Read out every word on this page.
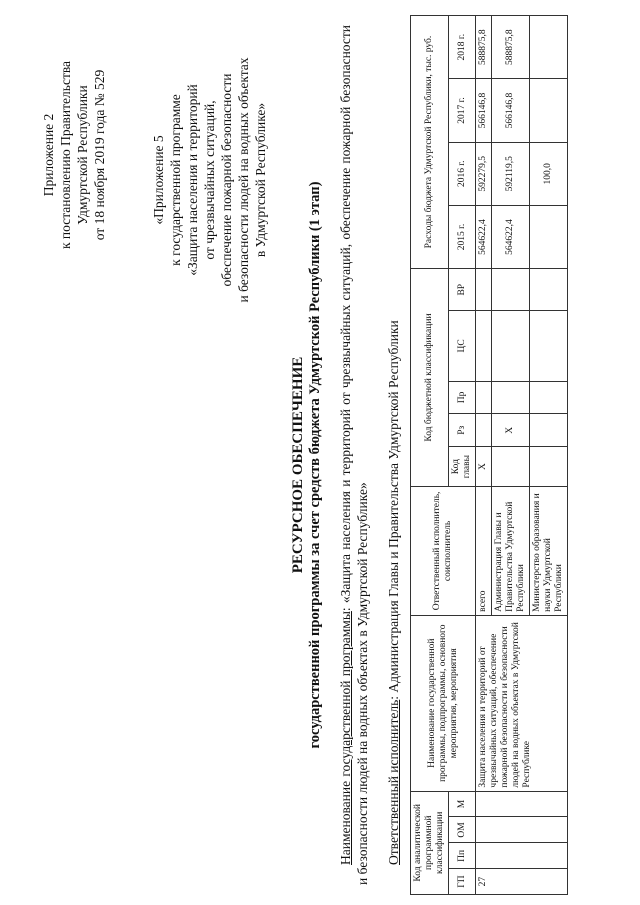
Приложение 2 к постановлению Правительства Удмуртской Республики от 18 ноября 2019 года № 529	«Приложение 5 к государственной программе «Защита населения и территорий от чрезвычайных ситуаций, обеспечение пожарной безопасности и безопасности людей на водных объектах в Удмуртской Республике»
РЕСУРСНОЕ ОБЕСПЕЧЕНИЕ государственной программы за счет средств бюджета Удмуртской Республики (1 этап) Наименование государственной программы: «Защита населения и территорий от чрезвычайных ситуаций, обеспечение пожарной безопасности и безопасности людей на водных объектах в Удмуртской Республике» Ответственный исполнитель: Администрация Главы и Правительства Удмуртской Республики
Код аналитической программной классификации				Наименование государственной программы, подпрограммы, основного мероприятия, мероприятия	Ответственный исполнитель, соисполнитель	Код бюджетной классификации					Расходы бюджета Удмуртской Республики, тыс. руб.			
ГП	Пп	ОМ	М			Код главы	Рз	Пр	ЦС	ВР	2015 г.	2016 г.	2017 г.	2018 г.
27				Защита населения и территорий от чрезвычайных ситуаций, обеспечение пожарной безопасности и безопасности людей на водных объектах в Удмуртской Республике	всего	Х					564622,4	592279,5	566146,8	588875,8
					Администрация Главы и Правительства Удмуртской Республики		Х				564622,4	592119,5	566146,8	588875,8
					Министерство образования и науки Удмуртской Республики							100,0		
